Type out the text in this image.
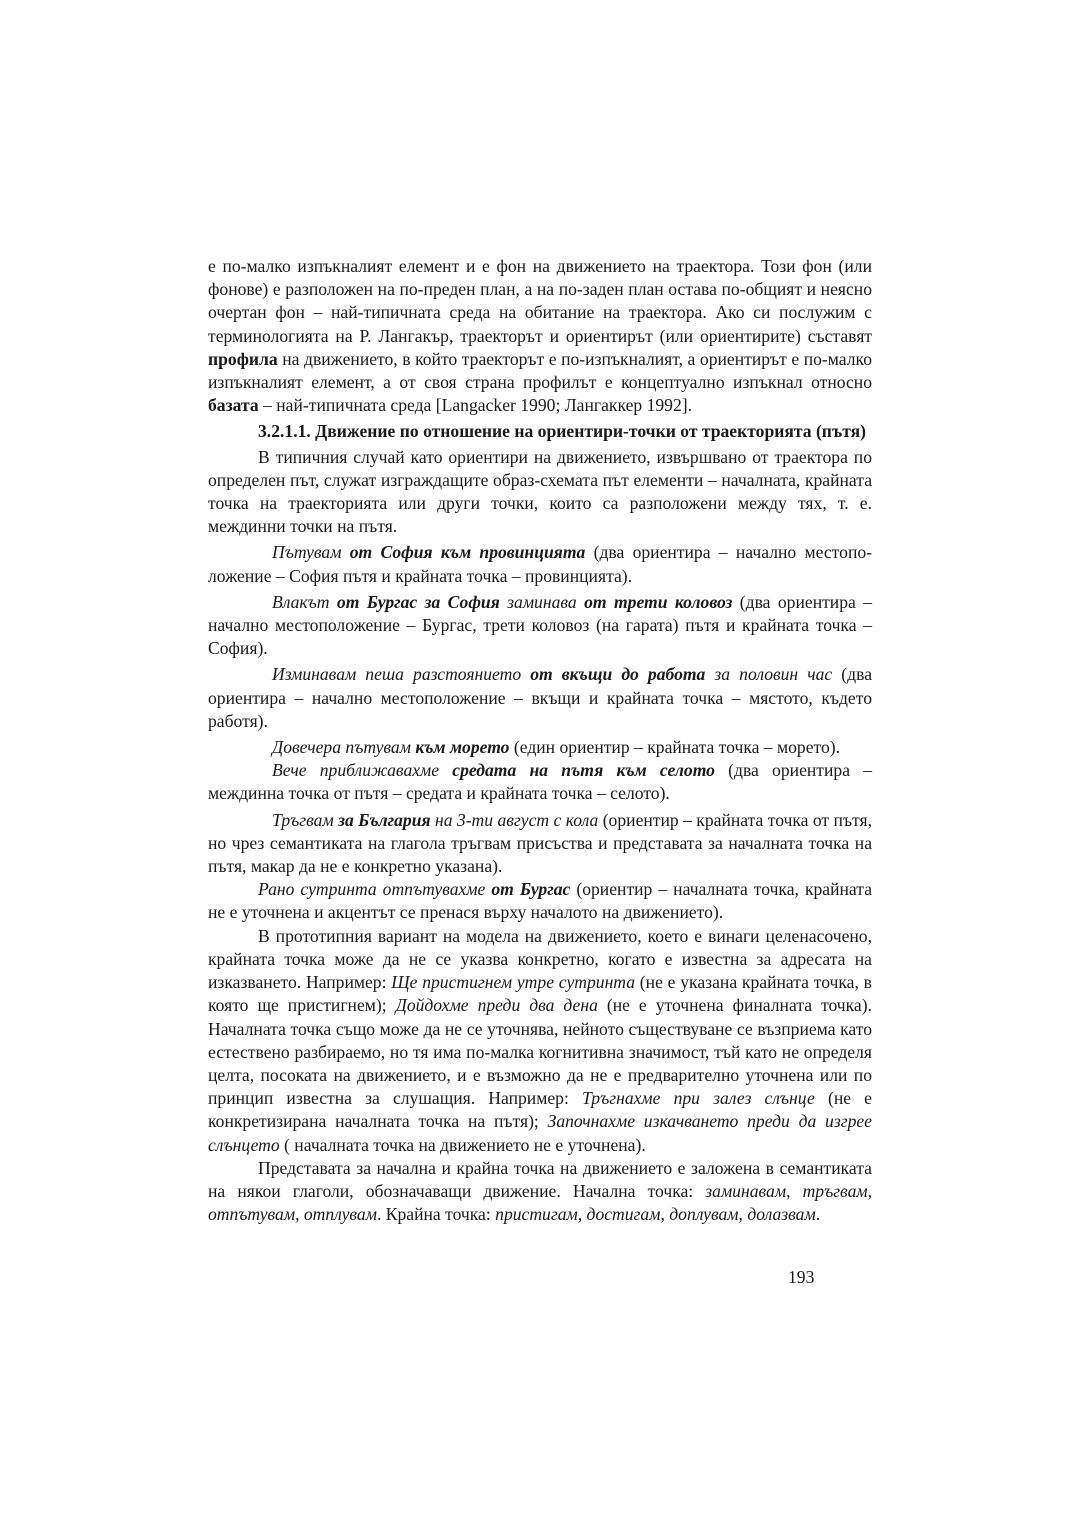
е по-малко изпъкналият елемент и е фон на движението на траектора. Този фон (или фонове) е разположен на по-преден план, а на по-заден план остава по-общият и неясно очертан фон – най-типичната среда на обитание на траектора. Ако си послужим с терминологията на Р. Лангакър, траекторът и ориентирът (или ориентирите) съставят профила на движението, в който траекторът е по-изпъкналият, а ориентирът е по-малко изпъкналият елемент, а от своя страна профилът е концептуално изпъкнал относно базата – най-типичната среда [Langacker 1990; Лангаккер 1992].

3.2.1.1. Движение по отношение на ориентири-точки от траекторията (пътя)

В типичния случай като ориентири на движението, извършвано от траектора по определен път, служат изграждащите образ-схемата път елементи – началната, крайната точка на траекторията или други точки, които са разположени между тях, т. е. междинни точки на пътя.

Пътувам от София към провинцията (два ориентира – начално местоположение – София пътя и крайната точка – провинцията).

Влакът от Бургас за София заминава от трети коловоз (два ориентира – начално местоположение – Бургас, трети коловоз (на гарата) пътя и крайната точка – София).

Изминавам пеша разстоянието от вкъщи до работа за половин час (два ориентира – начално местоположение – вкъщи и крайната точка – мястото, където работя).

Довечера пътувам към морето (един ориентир – крайната точка – морето).

Вече приближавахме средата на пътя към селото (два ориентира – междинна точка от пътя – средата и крайната точка – селото).

Тръгвам за България на 3-ти август с кола (ориентир – крайната точка от пътя, но чрез семантиката на глагола тръгвам присъства и представата за началната точка на пътя, макар да не е конкретно указана).

Рано сутринта отпътувахме от Бургас (ориентир – началната точка, крайната не е уточнена и акцентът се пренася върху началото на движението).

В прототипния вариант на модела на движението, което е винаги целенасочено, крайната точка може да не се указва конкретно, когато е известна за адресата на изказването. Например: Ще пристигнем утре сутринта (не е указана крайната точка, в която ще пристигнем); Дойдохме преди два дена (не е уточнена финалната точка). Началната точка също може да не се уточнява, нейното съществуване се възприема като естествено разбираемо, но тя има по-малка когнитивна значимост, тъй като не определя целта, посоката на движението, и е възможно да не е предварително уточнена или по принцип известна за слушащия. Например: Тръгнахме при залез слънце (не е конкретизирана началната точка на пътя); Започнахме изкачването преди да изгрее слънцето ( началната точка на движението не е уточнена).

Представата за начална и крайна точка на движението е заложена в семантиката на някои глаголи, обозначаващи движение. Начална точка: заминавам, тръгвам, отпътувам, отплувам. Крайна точка: пристигам, достигам, доплувам, долазвам.

193
